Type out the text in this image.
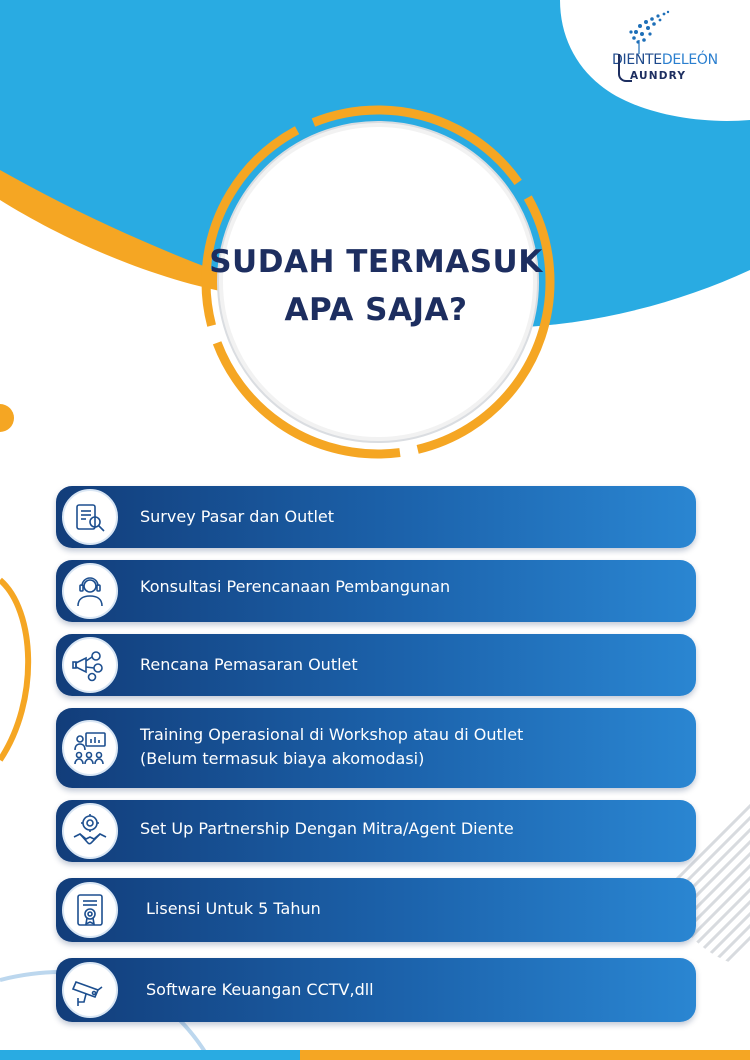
DIENTEDELEÓN
AUNDRY
SUDAH TERMASUK
APA SAJA?
Survey Pasar dan Outlet
Konsultasi Perencanaan Pembangunan
Rencana Pemasaran Outlet
Training Operasional di Workshop atau di Outlet
(Belum termasuk biaya akomodasi)
Set Up Partnership Dengan Mitra/Agent Diente
Lisensi Untuk 5 Tahun
Software Keuangan CCTV,dll
